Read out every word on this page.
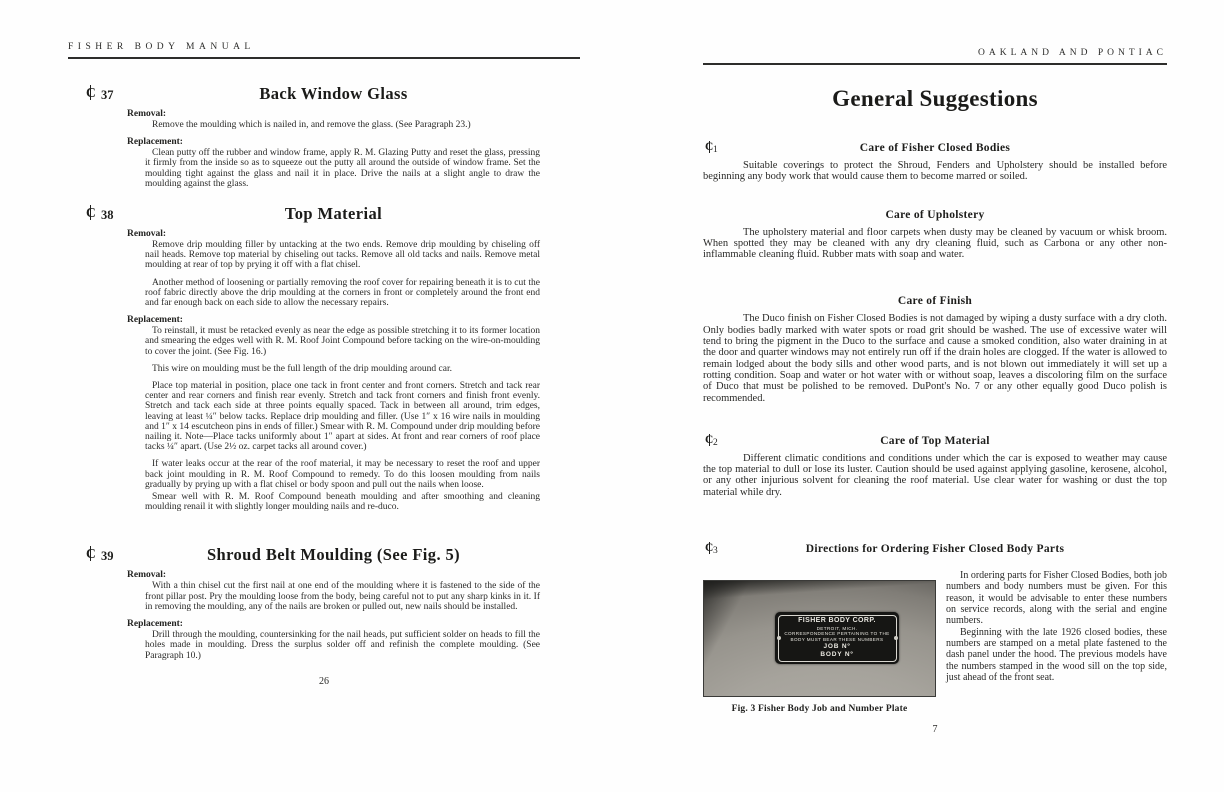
FISHER BODY MANUAL
C37	Back Window Glass
Removal:

Remove the moulding which is nailed in, and remove the glass. (See Paragraph 23.)

Replacement:

Clean putty off the rubber and window frame, apply R. M. Glazing Putty and reset the glass, pressing it firmly from the inside so as to squeeze out the putty all around the outside of window frame. Set the moulding tight against the glass and nail it in place. Drive the nails at a slight angle to draw the moulding against the glass.

C38	Top Material
Removal:

Remove drip moulding filler by untacking at the two ends. Remove drip moulding by chiseling off nail heads. Remove top material by chiseling out tacks. Remove all old tacks and nails. Remove metal moulding at rear of top by prying it off with a flat chisel.

Another method of loosening or partially removing the roof cover for repairing beneath it is to cut the roof fabric directly above the drip moulding at the corners in front or completely around the front end and far enough back on each side to allow the necessary repairs.

Replacement:

To reinstall, it must be retacked evenly as near the edge as possible stretching it to its former location and smearing the edges well with R. M. Roof Joint Compound before tacking on the wire-on-moulding to cover the joint. (See Fig. 16.)

This wire on moulding must be the full length of the drip moulding around car.

Place top material in position, place one tack in front center and front corners. Stretch and tack rear center and rear corners and finish rear evenly. Stretch and tack front corners and finish front evenly. Stretch and tack each side at three points equally spaced. Tack in between all around, trim edges, leaving at least ¼″ below tacks. Replace drip moulding and filler. (Use 1″ x 16 wire nails in moulding and 1″ x 14 escutcheon pins in ends of filler.) Smear with R. M. Compound under drip moulding before nailing it. Note—Place tacks uniformly about 1″ apart at sides. At front and rear corners of roof place tacks ¼″ apart. (Use 2½ oz. carpet tacks all around cover.)

If water leaks occur at the rear of the roof material, it may be necessary to reset the roof and upper back joint moulding in R. M. Roof Compound to remedy. To do this loosen moulding from nails gradually by prying up with a flat chisel or body spoon and pull out the nails when loose.

Smear well with R. M. Roof Compound beneath moulding and after smoothing and cleaning moulding renail it with slightly longer moulding nails and re-duco.

C39	Shroud Belt Moulding (See Fig. 5)
Removal:

With a thin chisel cut the first nail at one end of the moulding where it is fastened to the side of the front pillar post. Pry the moulding loose from the body, being careful not to put any sharp kinks in it. If in removing the moulding, any of the nails are broken or pulled out, new nails should be installed.

Replacement:

Drill through the moulding, countersinking for the nail heads, put sufficient solder on heads to fill the holes made in moulding. Dress the surplus solder off and refinish the complete moulding. (See Paragraph 10.)

26
OAKLAND AND PONTIAC
General Suggestions
C1	Care of Fisher Closed Bodies

Suitable coverings to protect the Shroud, Fenders and Upholstery should be installed before beginning any body work that would cause them to become marred or soiled.

Care of Upholstery

The upholstery material and floor carpets when dusty may be cleaned by vacuum or whisk broom. When spotted they may be cleaned with any dry cleaning fluid, such as Carbona or any other non-inflammable cleaning fluid. Rubber mats with soap and water.

Care of Finish

The Duco finish on Fisher Closed Bodies is not damaged by wiping a dusty surface with a dry cloth. Only bodies badly marked with water spots or road grit should be washed. The use of excessive water will tend to bring the pigment in the Duco to the surface and cause a smoked condition, also water draining in at the door and quarter windows may not entirely run off if the drain holes are clogged. If the water is allowed to remain lodged about the body sills and other wood parts, and is not blown out immediately it will set up a rotting condition. Soap and water or hot water with or without soap, leaves a discoloring film on the surface of Duco that must be polished to be removed. DuPont's No. 7 or any other equally good Duco polish is recommended.

C2	Care of Top Material

Different climatic conditions and conditions under which the car is exposed to weather may cause the top material to dull or lose its luster. Caution should be used against applying gasoline, kerosene, alcohol, or any other injurious solvent for cleaning the roof material. Use clear water for washing or dust the top material while dry.

C3	Directions for Ordering Fisher Closed Body Parts
FISHER BODY CORP.
DETROIT, MICH.
CORRESPONDENCE PERTAINING TO THE
BODY MUST BEAR THESE NUMBERS
JOB Nº
BODY Nº
Fig. 3 Fisher Body Job and Number Plate

In ordering parts for Fisher Closed Bodies, both job numbers and body numbers must be given. For this reason, it would be advisable to enter these numbers on service records, along with the serial and engine numbers.

Beginning with the late 1926 closed bodies, these numbers are stamped on a metal plate fastened to the dash panel under the hood. The previous models have the numbers stamped in the wood sill on the top side, just ahead of the front seat.

7
